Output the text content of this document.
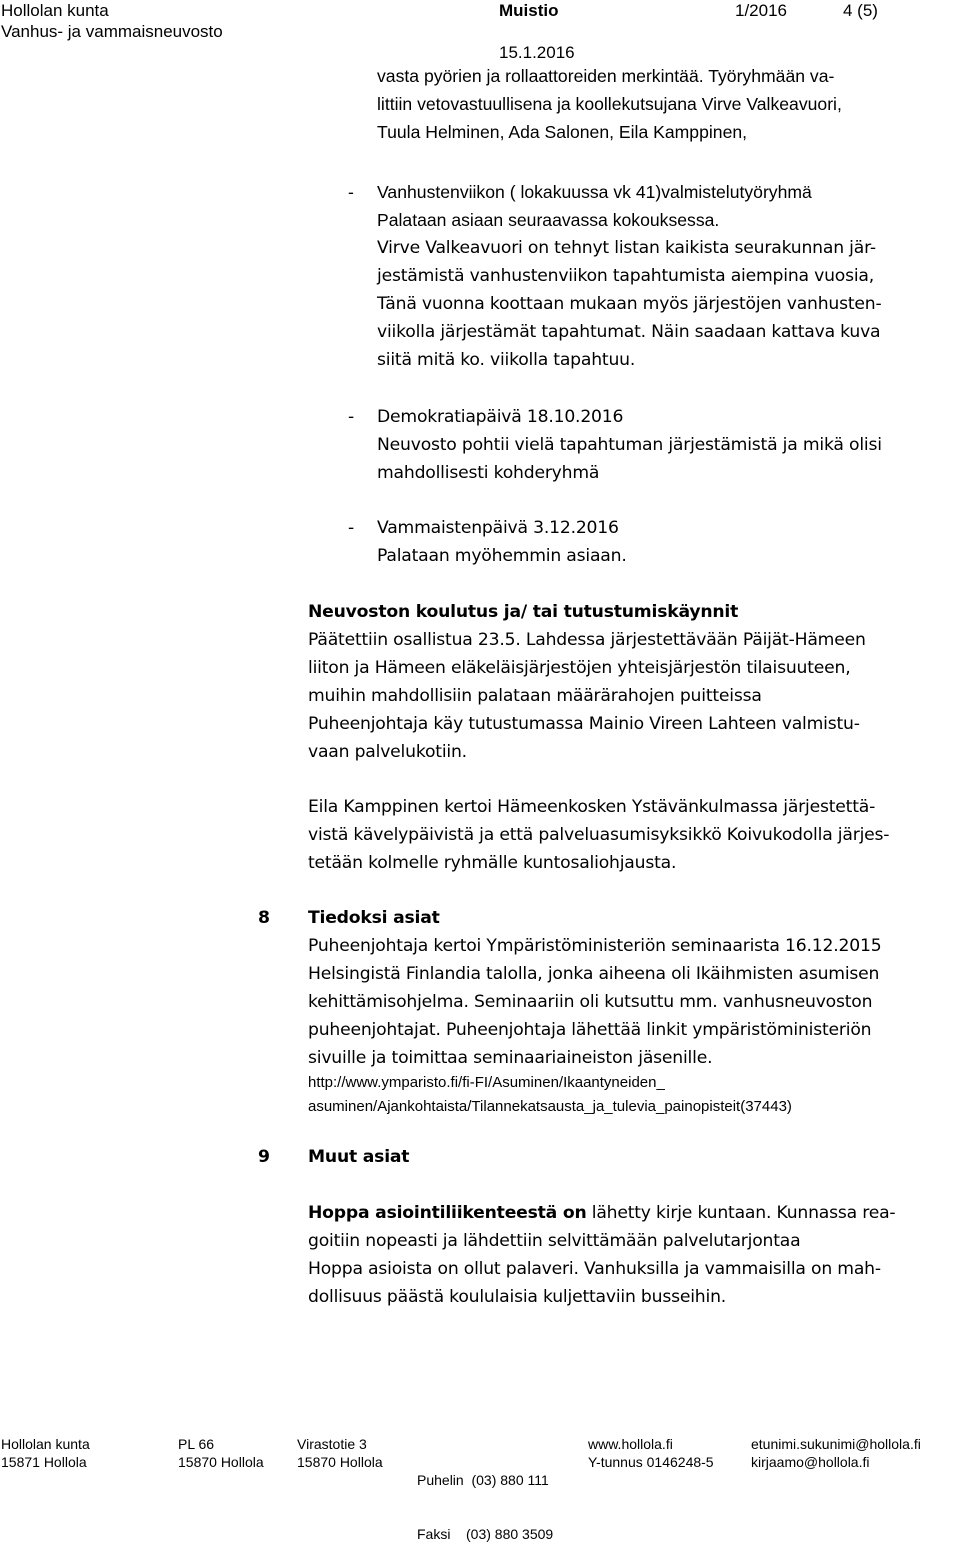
Hollolan kunta
Vanhus- ja vammaisneuvosto
Muistio	1/2016	4 (5)
15.1.2016
vasta pyörien ja rollaattoreiden merkintää. Työryhmään va-
littiin vetovastuullisena ja koollekutsujana Virve Valkeavuori,
Tuula Helminen, Ada Salonen, Eila Kamppinen,
- Vanhustenviikon ( lokakuussa vk 41)valmistelutyöryhmä
Palataan asiaan seuraavassa kokouksessa.
Virve Valkeavuori on tehnyt listan kaikista seurakunnan jär-
jestämistä vanhustenviikon tapahtumista aiempina vuosia,
Tänä vuonna koottaan mukaan myös järjestöjen vanhusten-
viikolla järjestämät tapahtumat. Näin saadaan kattava kuva
siitä mitä ko. viikolla tapahtuu.
- Demokratiapäivä 18.10.2016
Neuvosto pohtii vielä tapahtuman järjestämistä ja mikä olisi
mahdollisesti kohderyhmä
- Vammaistenpäivä 3.12.2016
Palataan myöhemmin asiaan.
Neuvoston koulutus ja/ tai tutustumiskäynnit
Päätettiin osallistua 23.5. Lahdessa järjestettävään Päijät-Hämeen
liiton ja Hämeen eläkeläisjärjestöjen yhteisjärjestön tilaisuuteen,
muihin mahdollisiin palataan määrärahojen puitteissa
Puheenjohtaja käy tutustumassa Mainio Vireen Lahteen valmistu-
vaan palvelukotiin.
Eila Kamppinen kertoi Hämeenkosken Ystävänkulmassa järjestettä-
vistä kävelypäivistä ja että palveluasumisyksikkö Koivukodolla järjes-
tetään kolmelle ryhmälle kuntosaliohjausta.
8 Tiedoksi asiat
Puheenjohtaja kertoi Ympäristöministeriön seminaarista 16.12.2015
Helsingistä Finlandia talolla, jonka aiheena oli Ikäihmisten asumisen
kehittämisohjelma. Seminaariin oli kutsuttu mm. vanhusneuvoston
puheenjohtajat. Puheenjohtaja lähettää linkit ympäristöministeriön
sivuille ja toimittaa seminaariaineiston jäsenille.
http://www.ymparisto.fi/fi-FI/Asuminen/Ikaantyneiden_
asuminen/Ajankohtaista/Tilannekatsausta_ja_tulevia_painopisteit(37443)
9 Muut asiat
Hoppa asiointiliikenteestä on lähetty kirje kuntaan. Kunnassa rea-
goitiin nopeasti ja lähdettiin selvittämään palvelutarjontaa
Hoppa asioista on ollut palaveri. Vanhuksilla ja vammaisilla on mah-
dollisuus päästä koululaisia kuljettaviin busseihin.
Hollolan kunta
15871 Hollola
PL 66
15870 Hollola
Virastotie 3
15870 Hollola

Puhelin  (03) 880 111

Faksi    (03) 880 3509

www.hollola.fi
Y-tunnus 0146248-5
etunimi.sukunimi@hollola.fi
kirjaamo@hollola.fi
